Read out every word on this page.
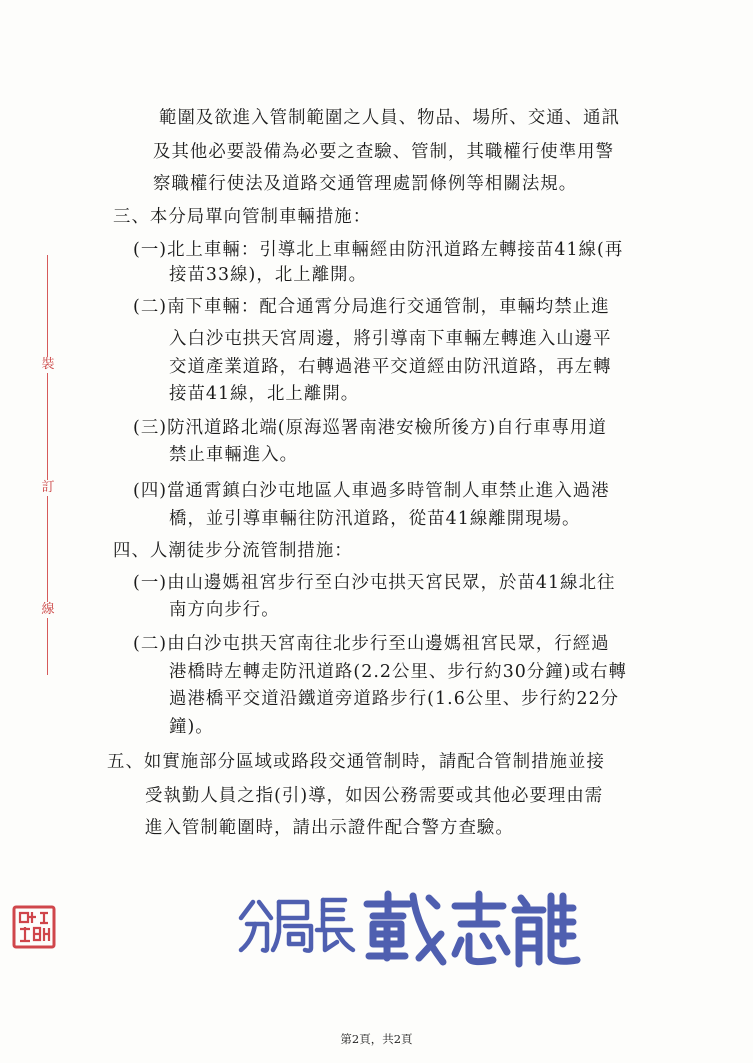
裝
訂
線
範圍及欲進入管制範圍之人員、物品、場所、交通、通訊
及其他必要設備為必要之查驗、管制，其職權行使準用警
察職權行使法及道路交通管理處罰條例等相關法規。
三、本分局單向管制車輛措施：
(一)北上車輛：引導北上車輛經由防汛道路左轉接苗41線(再
接苗33線)，北上離開。
(二)南下車輛：配合通霄分局進行交通管制，車輛均禁止進
入白沙屯拱天宮周邊，將引導南下車輛左轉進入山邊平
交道產業道路，右轉過港平交道經由防汛道路，再左轉
接苗41線，北上離開。
(三)防汛道路北端(原海巡署南港安檢所後方)自行車專用道
禁止車輛進入。
(四)當通霄鎮白沙屯地區人車過多時管制人車禁止進入過港
橋，並引導車輛往防汛道路，從苗41線離開現場。
四、人潮徒步分流管制措施：
(一)由山邊媽祖宮步行至白沙屯拱天宮民眾，於苗41線北往
南方向步行。
(二)由白沙屯拱天宮南往北步行至山邊媽祖宮民眾，行經過
港橋時左轉走防汛道路(2.2公里、步行約30分鐘)或右轉
過港橋平交道沿鐵道旁道路步行(1.6公里、步行約22分
鐘)。
五、如實施部分區域或路段交通管制時，請配合管制措施並接
受執勤人員之指(引)導，如因公務需要或其他必要理由需
進入管制範圍時，請出示證件配合警方查驗。
第2頁，共2頁
